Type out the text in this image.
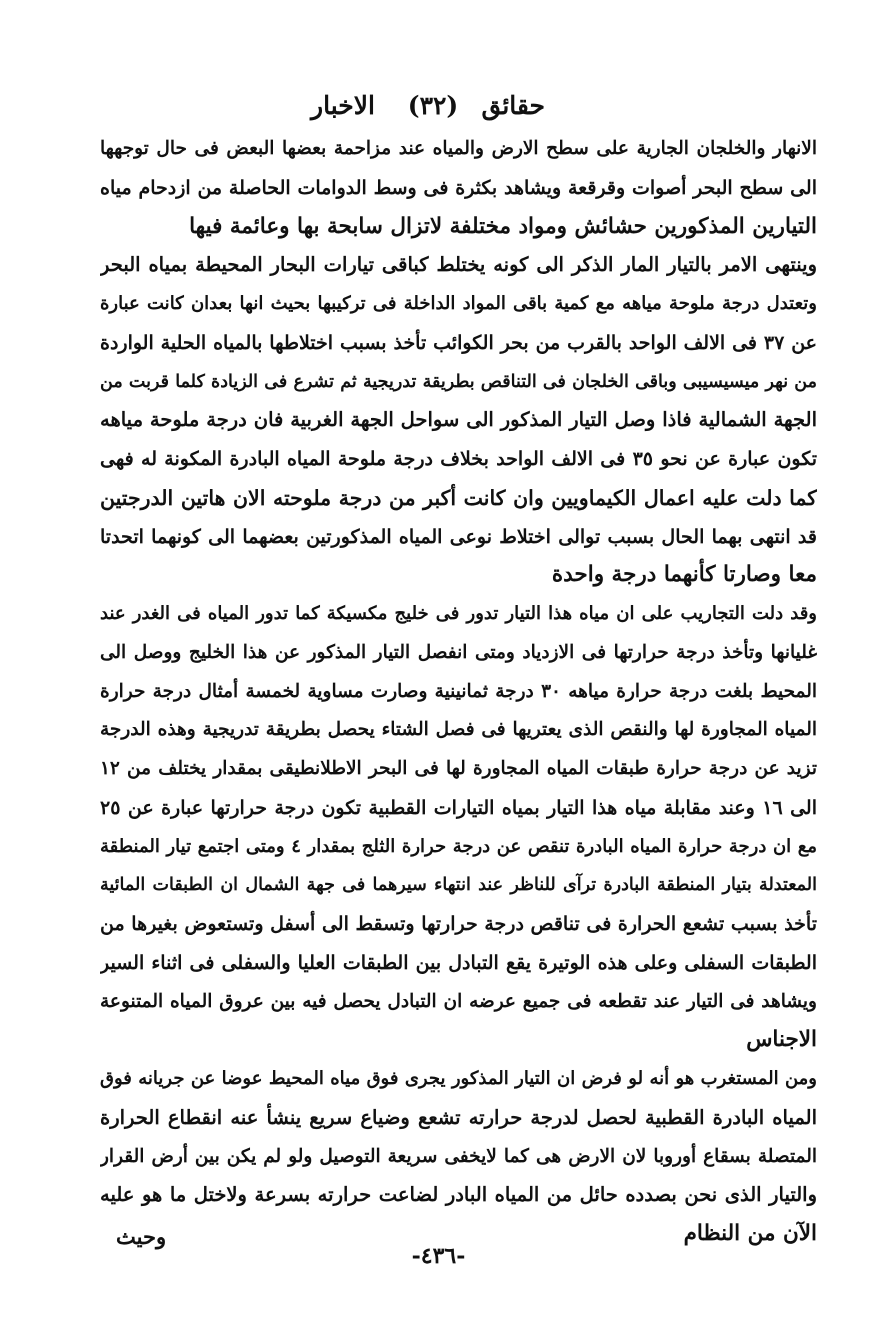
حقائق
(٣٢)
الاخبار
الانهار والخلجان الجارية على سطح الارض والمياه عند مزاحمة بعضها البعض فى حال توجهها
الى سطح البحر أصوات وقرقعة ويشاهد بكثرة فى وسط الدوامات الحاصلة من ازدحام مياه
التيارين المذكورين حشائش ومواد مختلفة لاتزال سابحة بها وعائمة فيها
وينتهى الامر بالتيار المار الذكر الى كونه يختلط كباقى تيارات البحار المحيطة بمياه البحر
وتعتدل درجة ملوحة مياهه مع كمية باقى المواد الداخلة فى تركيبها بحيث انها بعدان كانت عبارة
عن ٣٧ فى الالف الواحد بالقرب من بحر الكوائب تأخذ بسبب اختلاطها بالمياه الحلية الواردة
من نهر ميسيسيبى وباقى الخلجان فى التناقص بطريقة تدريجية ثم تشرع فى الزيادة كلما قربت من
الجهة الشمالية فاذا وصل التيار المذكور الى سواحل الجهة الغربية فان درجة ملوحة مياهه
تكون عبارة عن نحو ٣٥ فى الالف الواحد بخلاف درجة ملوحة المياه البادرة المكونة له فهى
كما دلت عليه اعمال الكيماويين وان كانت أكبر من درجة ملوحته الان هاتين الدرجتين
قد انتهى بهما الحال بسبب توالى اختلاط نوعى المياه المذكورتين بعضهما الى كونهما اتحدتا
معا وصارتا كأنهما درجة واحدة
وقد دلت التجاريب على ان مياه هذا التيار تدور فى خليج مكسيكة كما تدور المياه فى الغدر عند
غليانها وتأخذ درجة حرارتها فى الازدياد ومتى انفصل التيار المذكور عن هذا الخليج ووصل الى
المحيط بلغت درجة حرارة مياهه ٣٠ درجة ثمانينية وصارت مساوية لخمسة أمثال درجة حرارة
المياه المجاورة لها والنقص الذى يعتريها فى فصل الشتاء يحصل بطريقة تدريجية وهذه الدرجة
تزيد عن درجة حرارة طبقات المياه المجاورة لها فى البحر الاطلانطيقى بمقدار يختلف من ١٢
الى ١٦ وعند مقابلة مياه هذا التيار بمياه التيارات القطبية تكون درجة حرارتها عبارة عن ٢٥
مع ان درجة حرارة المياه البادرة تنقص عن درجة حرارة الثلج بمقدار ٤ ومتى اجتمع تيار المنطقة
المعتدلة بتيار المنطقة البادرة ترآى للناظر عند انتهاء سيرهما فى جهة الشمال ان الطبقات المائية
تأخذ بسبب تشعع الحرارة فى تناقص درجة حرارتها وتسقط الى أسفل وتستعوض بغيرها من
الطبقات السفلى وعلى هذه الوتيرة يقع التبادل بين الطبقات العليا والسفلى فى اثناء السير
ويشاهد فى التيار عند تقطعه فى جميع عرضه ان التبادل يحصل فيه بين عروق المياه المتنوعة
الاجناس
ومن المستغرب هو أنه لو فرض ان التيار المذكور يجرى فوق مياه المحيط عوضا عن جريانه فوق
المياه البادرة القطبية لحصل لدرجة حرارته تشعع وضياع سريع ينشأ عنه انقطاع الحرارة
المتصلة بسقاع أوروبا لان الارض هى كما لايخفى سريعة التوصيل ولو لم يكن بين أرض القرار
والتيار الذى نحن بصدده حائل من المياه البادر لضاعت حرارته بسرعة ولاختل ما هو عليه
الآن من النظام
وحيث
-٤٣٦-
